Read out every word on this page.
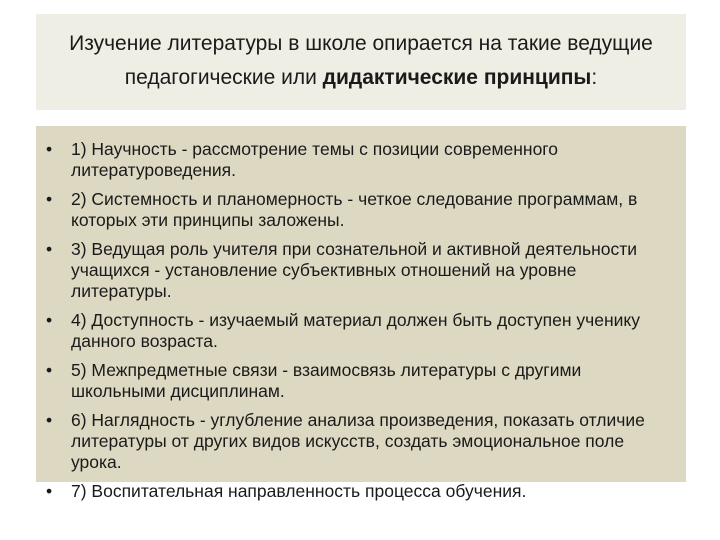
Изучение литературы в школе опирается на такие ведущие педагогические или дидактические принципы:
• 1) Научность - рассмотрение темы с позиции современного литературоведения.
• 2) Системность и планомерность - четкое следование программам, в которых эти принципы заложены.
• 3) Ведущая роль учителя при сознательной и активной деятельности учащихся - установление субъективных отношений на уровне литературы.
• 4) Доступность - изучаемый материал должен быть доступен ученику данного возраста.
• 5) Межпредметные связи - взаимосвязь литературы с другими школьными дисциплинам.
• 6) Наглядность - углубление анализа произведения, показать отличие литературы от других видов искусств, создать эмоциональное поле урока.
• 7) Воспитательная направленность процесса обучения.
